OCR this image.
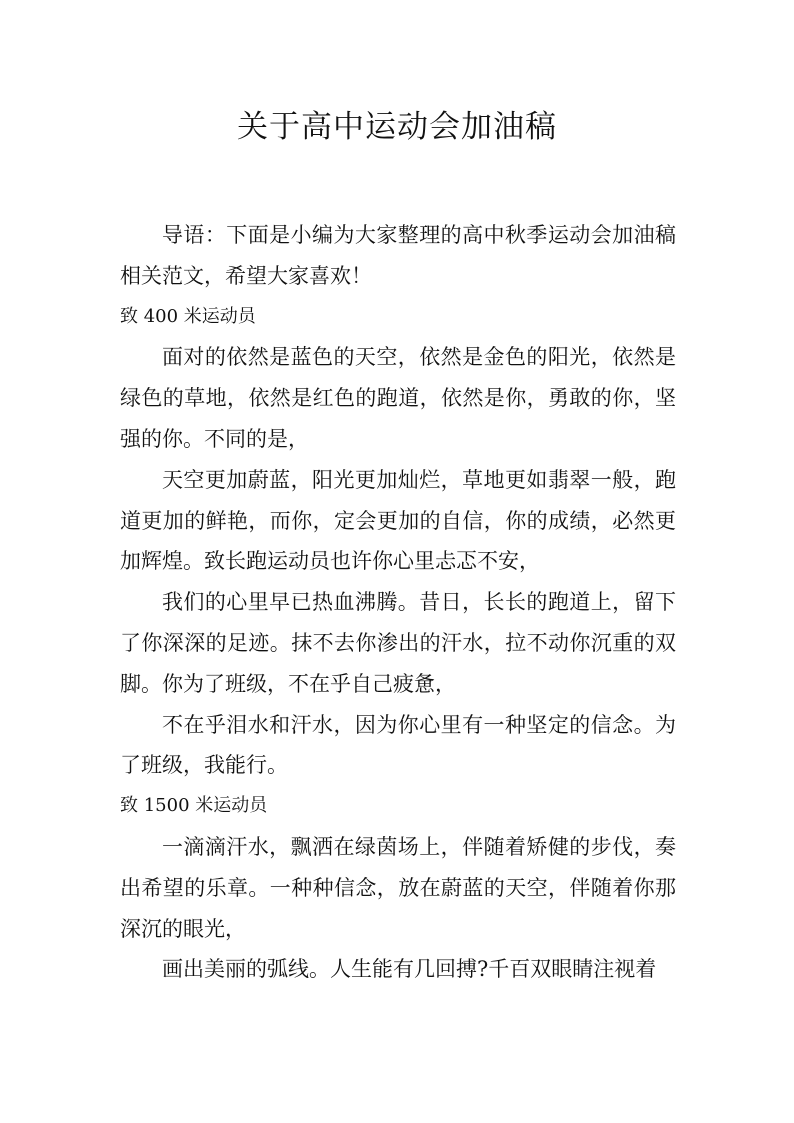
关于高中运动会加油稿

导语：下面是小编为大家整理的高中秋季运动会加油稿相关范文，希望大家喜欢！

致 400 米运动员

面对的依然是蓝色的天空，依然是金色的阳光，依然是绿色的草地，依然是红色的跑道，依然是你，勇敢的你，坚强的你。不同的是，

天空更加蔚蓝，阳光更加灿烂，草地更如翡翠一般，跑道更加的鲜艳，而你，定会更加的自信，你的成绩，必然更加辉煌。致长跑运动员也许你心里忐忑不安，

我们的心里早已热血沸腾。昔日，长长的跑道上，留下了你深深的足迹。抹不去你渗出的汗水，拉不动你沉重的双脚。你为了班级，不在乎自己疲惫，

不在乎泪水和汗水，因为你心里有一种坚定的信念。为了班级，我能行。

致 1500 米运动员

一滴滴汗水，飘洒在绿茵场上，伴随着矫健的步伐，奏出希望的乐章。一种种信念，放在蔚蓝的天空，伴随着你那深沉的眼光，

画出美丽的弧线。人生能有几回搏?千百双眼睛注视着
